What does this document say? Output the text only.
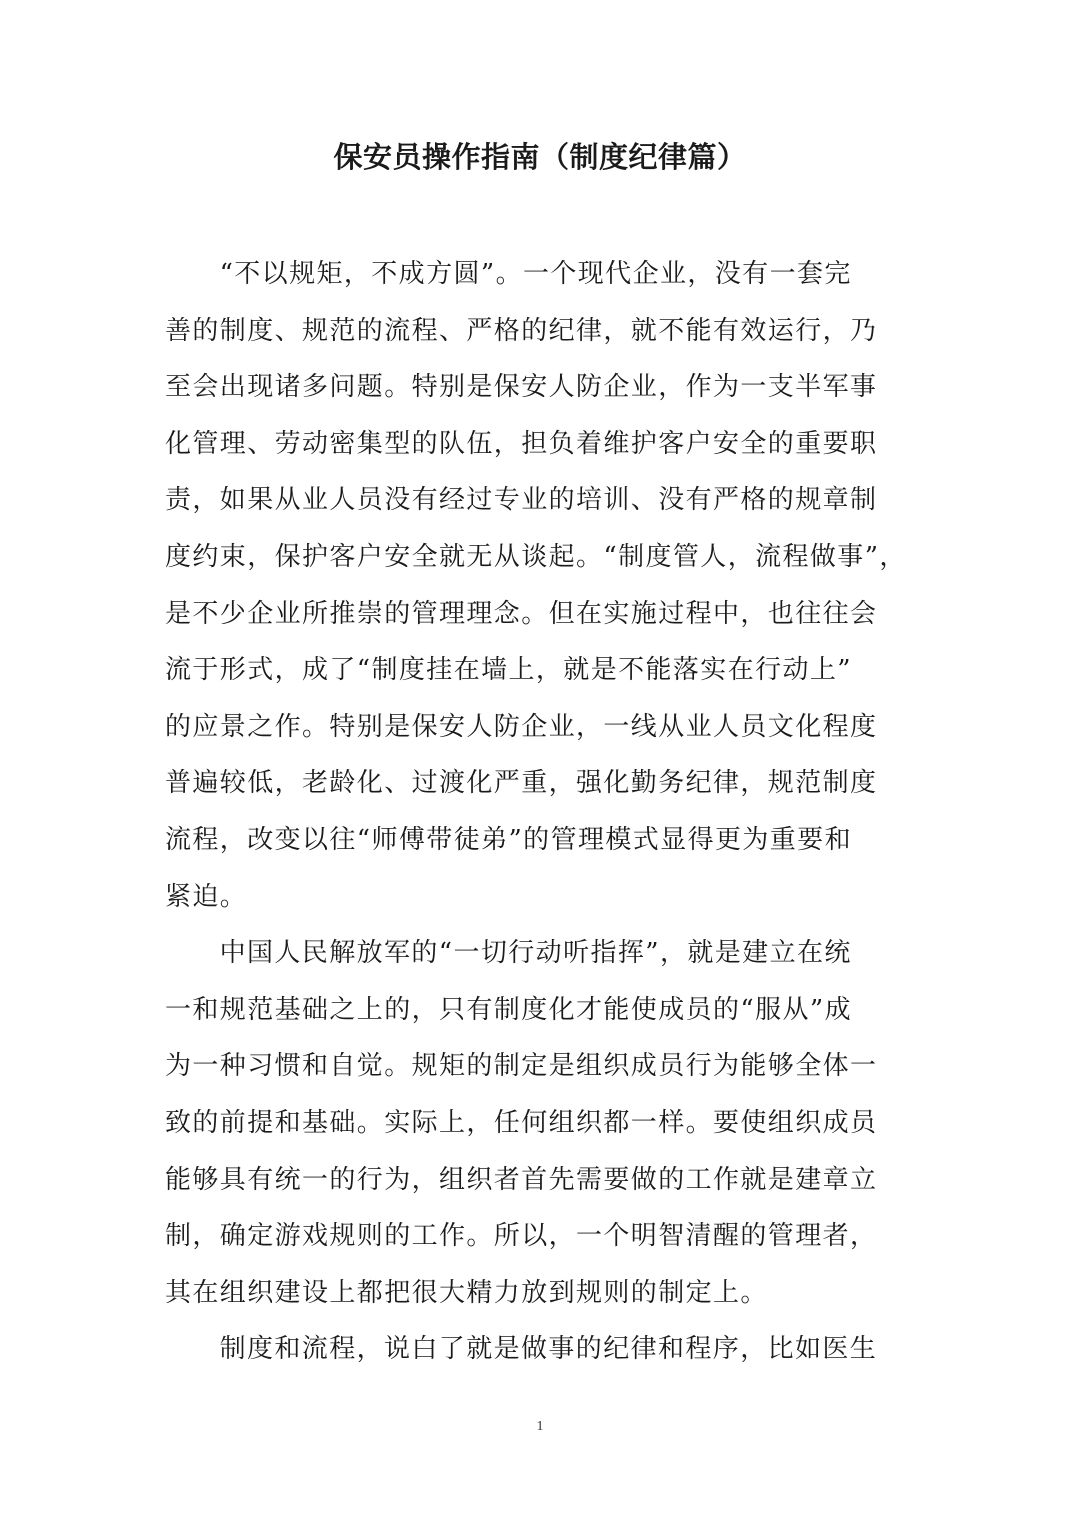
保安员操作指南（制度纪律篇）

“不以规矩，不成方圆”。一个现代企业，没有一套完
善的制度、规范的流程、严格的纪律，就不能有效运行，乃
至会出现诸多问题。特别是保安人防企业，作为一支半军事
化管理、劳动密集型的队伍，担负着维护客户安全的重要职
责，如果从业人员没有经过专业的培训、没有严格的规章制
度约束，保护客户安全就无从谈起。“制度管人，流程做事”，
是不少企业所推崇的管理理念。但在实施过程中，也往往会
流于形式，成了“制度挂在墙上，就是不能落实在行动上”
的应景之作。特别是保安人防企业，一线从业人员文化程度
普遍较低，老龄化、过渡化严重，强化勤务纪律，规范制度
流程，改变以往“师傅带徒弟”的管理模式显得更为重要和
紧迫。

中国人民解放军的“一切行动听指挥”，就是建立在统
一和规范基础之上的，只有制度化才能使成员的“服从”成
为一种习惯和自觉。规矩的制定是组织成员行为能够全体一
致的前提和基础。实际上，任何组织都一样。要使组织成员
能够具有统一的行为，组织者首先需要做的工作就是建章立
制，确定游戏规则的工作。所以，一个明智清醒的管理者，
其在组织建设上都把很大精力放到规则的制定上。

制度和流程，说白了就是做事的纪律和程序，比如医生

1
